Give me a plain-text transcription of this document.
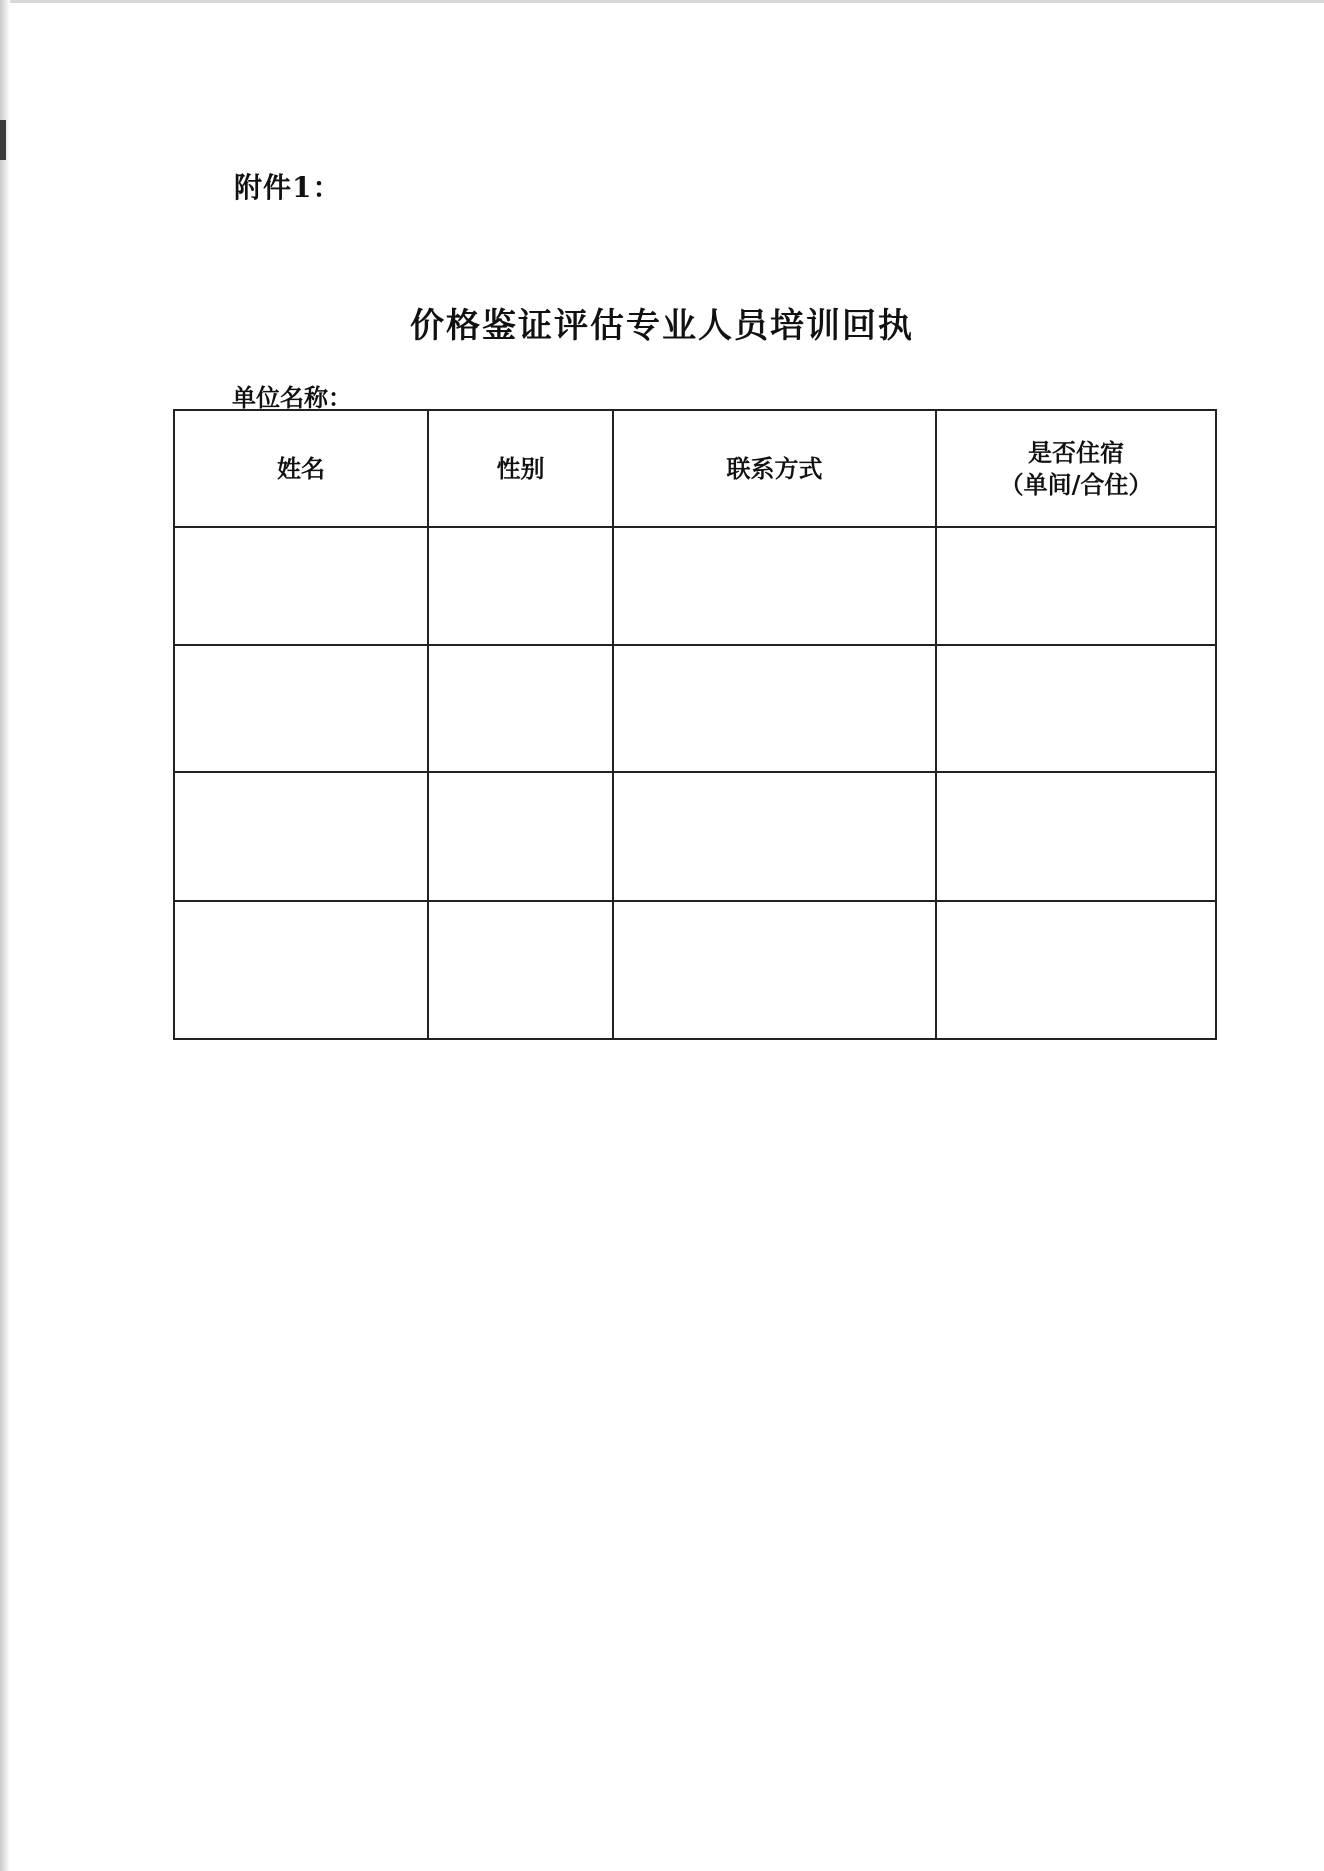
附件1：
价格鉴证评估专业人员培训回执
单位名称：
姓名	性别	联系方式	是否住宿
（单间/合住）
